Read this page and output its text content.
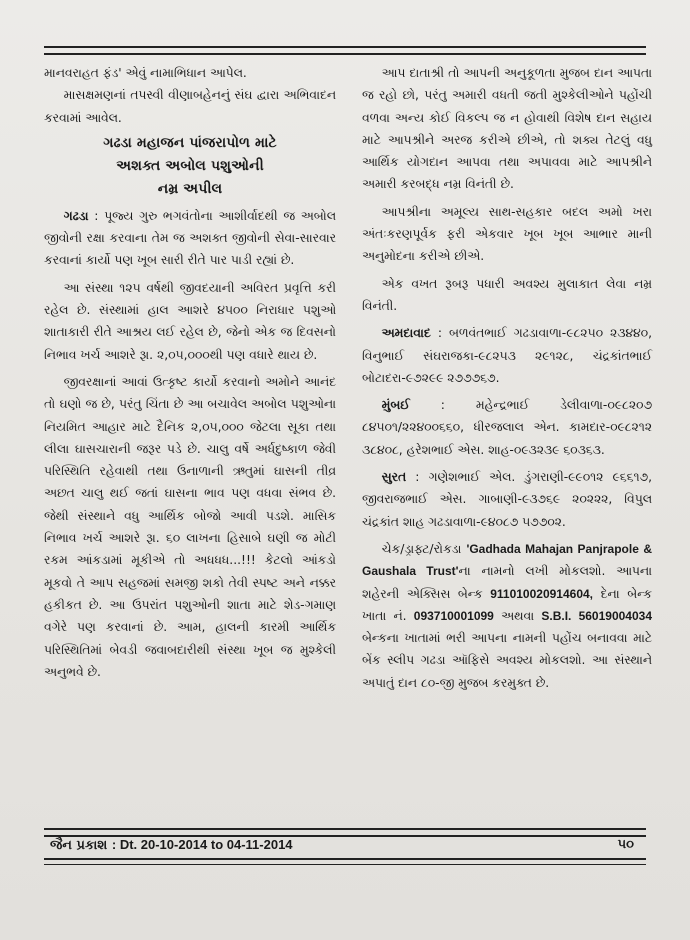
માનવરાહત ફંડ' એવું નામાભિધાન આપેલ.

માસક્ષમણનાં તપસ્વી વીણાબહેનનું સંઘ દ્વારા અભિવાદન કરવામાં આવેલ.

ગઢડા મહાજન પાંજરાપોળ માટે
અશક્ત અબોલ પશુઓની
નમ્ર અપીલ

ગઢડા : પૂજ્ય ગુરુ ભગવંતોના આશીર્વાદથી જ અબોલ જીવોની રક્ષા કરવાના તેમ જ અશક્ત જીવોની સેવા-સારવાર કરવાનાં કાર્યો પણ ખૂબ સારી રીતે પાર પાડી રહ્યાં છે.

આ સંસ્થા ૧૨૫ વર્ષથી જીવદયાની અવિરત પ્રવૃત્તિ કરી રહેલ છે. સંસ્થામાં હાલ આશરે ૪૫૦૦ નિરાધાર પશુઓ શાતાકારી રીતે આશ્રય લઈ રહેલ છે, જેનો એક જ દિવસનો નિભાવ ખર્ચ આશરે રૂા. ૨,૦૫,૦૦૦થી પણ વધારે થાય છે.

જીવરક્ષાનાં આવાં ઉત્કૃષ્ટ કાર્યો કરવાનો અમોને આનંદ તો ઘણો જ છે, પરંતુ ચિંતા છે આ બચાવેલ અબોલ પશુઓના નિયમિત આહાર માટે દૈનિક ૨,૦૫,૦૦૦ જેટલા સૂકા તથા લીલા ઘાસચારાની જરૂર પડે છે. ચાલુ વર્ષે અર્ધદુષ્કાળ જેવી પરિસ્થિતિ રહેવાથી તથા ઉનાળાની ઋતુમાં ઘાસની તીવ્ર અછત ચાલુ થઈ જતાં ઘાસના ભાવ પણ વધવા સંભવ છે. જેથી સંસ્થાને વધુ આર્થિક બોજો આવી પડશે. માસિક નિભાવ ખર્ચ આશરે રૂા. ૬૦ લાખના હિસાબે ઘણી જ મોટી રકમ આંકડામાં મૂકીએ તો અધધધ...!!! કેટલો આંકડો મૂકવો તે આપ સહજમાં સમજી શકો તેવી સ્પષ્ટ અને નક્કર હકીકત છે. આ ઉપરાંત પશુઓની શાતા માટે શેડ-ગમાણ વગેરે પણ કરવાનાં છે. આમ, હાલની કારમી આર્થિક પરિસ્થિતિમાં બેવડી જવાબદારીથી સંસ્થા ખૂબ જ મુશ્કેલી અનુભવે છે.

આપ દાતાશ્રી તો આપની અનુકૂળતા મુજબ દાન આપતા જ રહો છો, પરંતુ અમારી વધતી જતી મુશ્કેલીઓને પહોંચી વળવા અન્ય કોઈ વિકલ્પ જ ન હોવાથી વિશેષ દાન સહાય માટે આપશ્રીને અરજ કરીએ છીએ, તો શક્ય તેટલું વધુ આર્થિક યોગદાન આપવા તથા અપાવવા માટે આપશ્રીને અમારી કરબદ્ધ નમ્ર વિનંતી છે.

આપશ્રીના અમૂલ્ય સાથ-સહકાર બદલ અમો ખરા અંતઃકરણપૂર્વક ફરી એકવાર ખૂબ ખૂબ આભાર માની અનુમોદના કરીએ છીએ.

એક વખત રૂબરૂ પધારી અવશ્ય મુલાકાત લેવા નમ્ર વિનંતી.

અમદાવાદ : બળવંતભાઈ ગઢડાવાળા-૯૮૨૫૦ ૨૩૪૪૦, વિનુભાઈ સંઘરાજકા-૯૮૨૫૩ ૨૯૧૨૮, ચંદ્રકાંતભાઈ બોટાદરા-૯૭૨૯૯ ૨૭૭૭૬૭.

મુંબઈ	: મહેન્દ્રભાઈ ડેલીવાળા-૦૯૮૨૦૭ ૮૪૫૦૧/૨૨૪૦૦૬૬૦, ધીરજલાલ એન. કામદાર-૦૯૮૨૧૨ ૩૮૪૦૮, હરેશભાઈ એસ. શાહ-૦૯૩૨૩૯ ૬૦૩૬૩.

સુરત : ગણેશભાઈ એલ. ડુંગરાણી-૯૯૦૧૨ ૯૬૬૧૭, જીવરાજભાઈ એસ. ગાબાણી-૯૩૭૬૯ ૨૦૨૨૨, વિપુલ ચંદ્રકાંત શાહ ગઢડાવાળા-૯૪૦૮૭ ૫૭૭૦૨.

ચેક/ડ્રાફ્ટ/રોકડા 'Gadhada Mahajan Panjrapole & Gaushala Trust'ના નામનો લખી મોકલશો. આપના શહેરની એક્સિસ બેન્ક 911010020914604, દેના બેન્ક ખાતા નં. 093710001099 અથવા S.B.I. 56019004034 બેન્કના ખાતામાં ભરી આપના નામની પહોંચ બનાવવા માટે બેંક સ્લીપ ગઢડા ઑફિસે અવશ્ય મોકલશો. આ સંસ્થાને અપાતું દાન ૮૦-જી મુજબ કરમુક્ત છે.

જૈન પ્રકાશ : Dt. 20-10-2014 to 04-11-2014	૫૦
